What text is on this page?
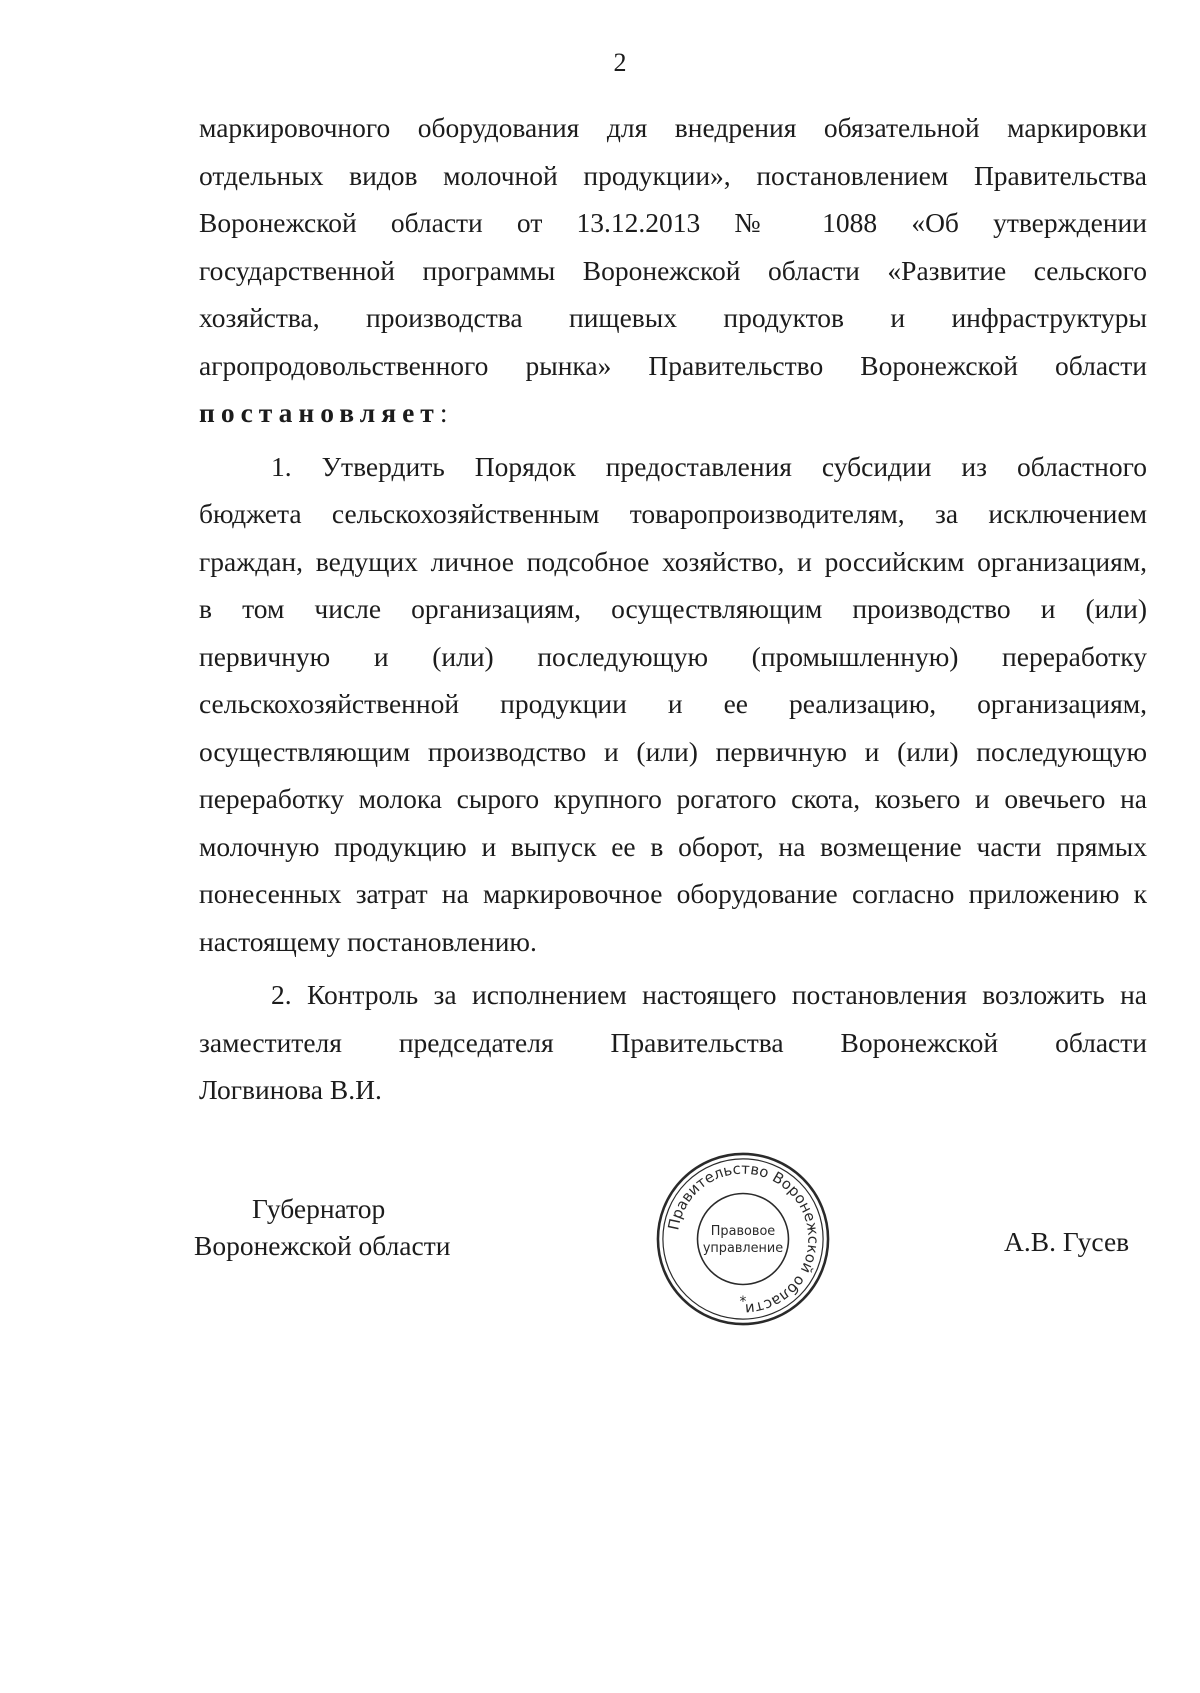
2
маркировочного оборудования для внедрения обязательной маркировки
отдельных видов молочной продукции», постановлением Правительства
Воронежской области от 13.12.2013 № 1088 «Об утверждении
государственной программы Воронежской области «Развитие сельского
хозяйства, производства пищевых продуктов и инфраструктуры
агропродовольственного рынка» Правительство Воронежской области
постановляет:
1. Утвердить Порядок предоставления субсидии из областного
бюджета сельскохозяйственным товаропроизводителям, за исключением
граждан, ведущих личное подсобное хозяйство, и российским организациям,
в том числе организациям, осуществляющим производство и (или)
первичную и (или) последующую (промышленную) переработку
сельскохозяйственной продукции и ее реализацию, организациям,
осуществляющим производство и (или) первичную и (или) последующую
переработку молока сырого крупного рогатого скота, козьего и овечьего на
молочную продукцию и выпуск ее в оборот, на возмещение части прямых
понесенных затрат на маркировочное оборудование согласно приложению к
настоящему постановлению.
2. Контроль за исполнением настоящего постановления возложить на
заместителя председателя Правительства Воронежской области
Логвинова В.И.
Губернатор
Воронежской области
Правительство Воронежской области
Правовое
управление
*
А.В. Гусев
